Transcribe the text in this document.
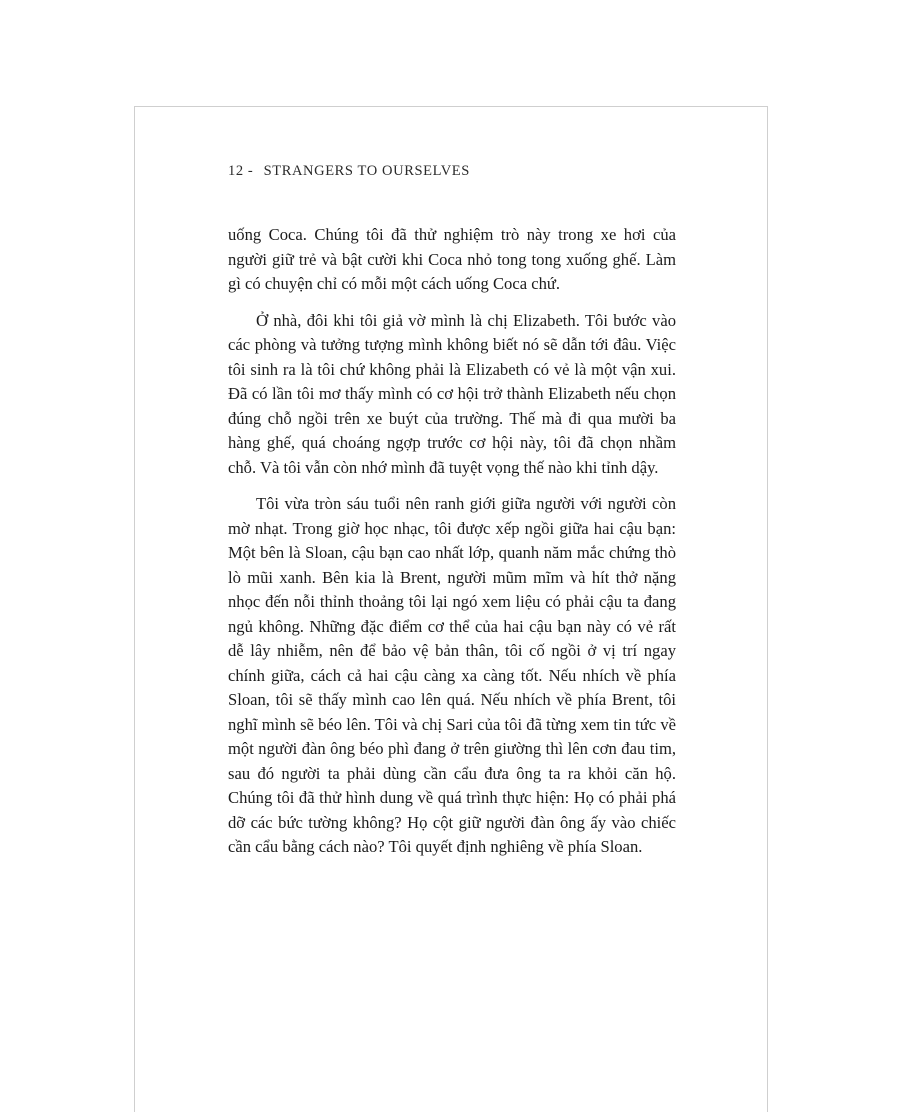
12 - STRANGERS TO OURSELVES

uống Coca. Chúng tôi đã thử nghiệm trò này trong xe hơi của người giữ trẻ và bật cười khi Coca nhỏ tong tong xuống ghế. Làm gì có chuyện chỉ có mỗi một cách uống Coca chứ.

Ở nhà, đôi khi tôi giả vờ mình là chị Elizabeth. Tôi bước vào các phòng và tưởng tượng mình không biết nó sẽ dẫn tới đâu. Việc tôi sinh ra là tôi chứ không phải là Elizabeth có vẻ là một vận xui. Đã có lần tôi mơ thấy mình có cơ hội trở thành Elizabeth nếu chọn đúng chỗ ngồi trên xe buýt của trường. Thế mà đi qua mười ba hàng ghế, quá choáng ngợp trước cơ hội này, tôi đã chọn nhầm chỗ. Và tôi vẫn còn nhớ mình đã tuyệt vọng thế nào khi tỉnh dậy.

Tôi vừa tròn sáu tuổi nên ranh giới giữa người với người còn mờ nhạt. Trong giờ học nhạc, tôi được xếp ngồi giữa hai cậu bạn: Một bên là Sloan, cậu bạn cao nhất lớp, quanh năm mắc chứng thò lò mũi xanh. Bên kia là Brent, người mũm mĩm và hít thở nặng nhọc đến nỗi thỉnh thoảng tôi lại ngó xem liệu có phải cậu ta đang ngủ không. Những đặc điểm cơ thể của hai cậu bạn này có vẻ rất dễ lây nhiễm, nên để bảo vệ bản thân, tôi cố ngồi ở vị trí ngay chính giữa, cách cả hai cậu càng xa càng tốt. Nếu nhích về phía Sloan, tôi sẽ thấy mình cao lên quá. Nếu nhích về phía Brent, tôi nghĩ mình sẽ béo lên. Tôi và chị Sari của tôi đã từng xem tin tức về một người đàn ông béo phì đang ở trên giường thì lên cơn đau tim, sau đó người ta phải dùng cần cẩu đưa ông ta ra khỏi căn hộ. Chúng tôi đã thử hình dung về quá trình thực hiện: Họ có phải phá dỡ các bức tường không? Họ cột giữ người đàn ông ấy vào chiếc cần cẩu bằng cách nào? Tôi quyết định nghiêng về phía Sloan.
